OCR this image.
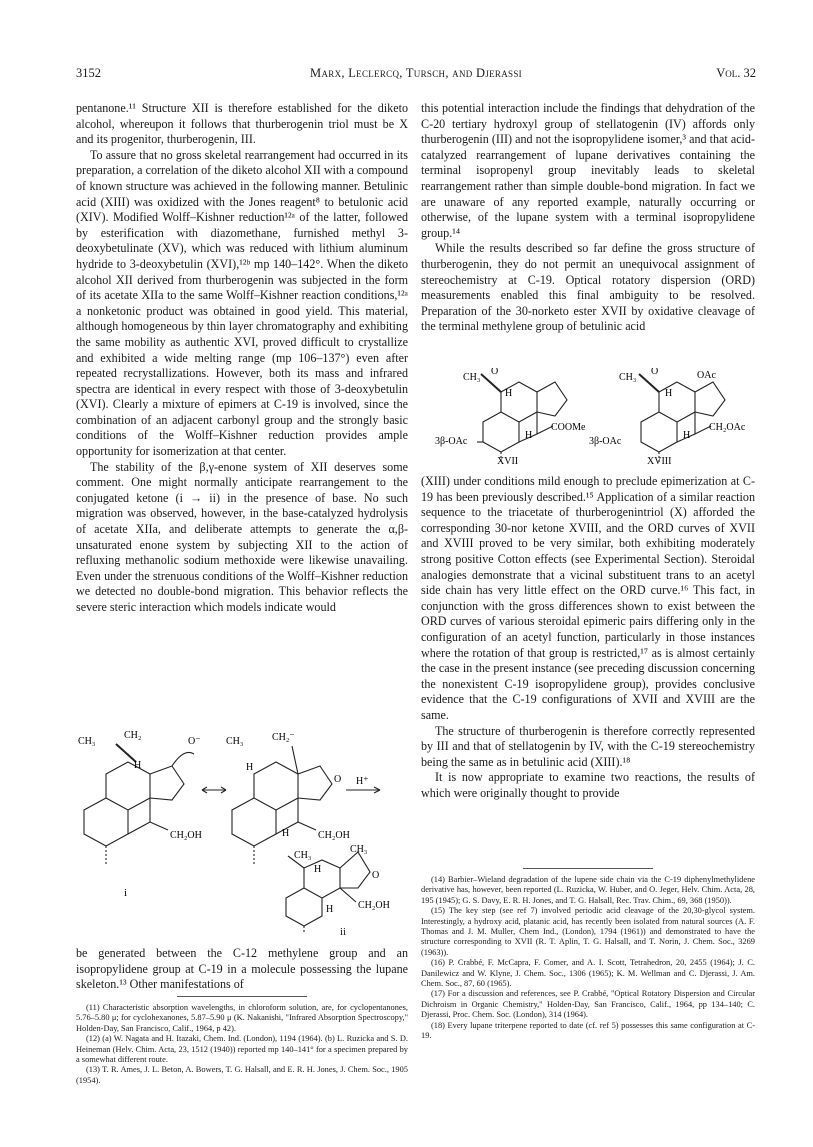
3152	Marx, Leclercq, Tursch, and Djerassi	Vol. 32

pentanone.¹¹ Structure XII is therefore established for the diketo alcohol, whereupon it follows that thurberogenin triol must be X and its progenitor, thurberogenin, III.

To assure that no gross skeletal rearrangement had occurred in its preparation, a correlation of the diketo alcohol XII with a compound of known structure was achieved in the following manner. Betulinic acid (XIII) was oxidized with the Jones reagent⁸ to betulonic acid (XIV). Modified Wolff–Kishner reduction¹²ᵃ of the latter, followed by esterification with diazomethane, furnished methyl 3-deoxybetulinate (XV), which was reduced with lithium aluminum hydride to 3-deoxybetulin (XVI),¹²ᵇ mp 140–142°. When the diketo alcohol XII derived from thurberogenin was subjected in the form of its acetate XIIa to the same Wolff–Kishner reaction conditions,¹²ᵃ a nonketonic product was obtained in good yield. This material, although homogeneous by thin layer chromatography and exhibiting the same mobility as authentic XVI, proved difficult to crystallize and exhibited a wide melting range (mp 106–137°) even after repeated recrystallizations. However, both its mass and infrared spectra are identical in every respect with those of 3-deoxybetulin (XVI). Clearly a mixture of epimers at C-19 is involved, since the combination of an adjacent carbonyl group and the strongly basic conditions of the Wolff–Kishner reduction provides ample opportunity for isomerization at that center.

The stability of the β,γ-enone system of XII deserves some comment. One might normally anticipate rearrangement to the conjugated ketone (i → ii) in the presence of base. No such migration was observed, however, in the base-catalyzed hydrolysis of acetate XIIa, and deliberate attempts to generate the α,β-unsaturated enone system by subjecting XII to the action of refluxing methanolic sodium methoxide were likewise unavailing. Even under the strenuous conditions of the Wolff–Kishner reduction we detected no double-bond migration. This behavior reflects the severe steric interaction which models indicate would

CH₃
CH₂
O⁻
H
CH₂OH
i
CH₂⁻
CH₃
O
H
H	CH₂OH
H⁺
CH₃
CH₃
O
H
H CH₂OH
ii

be generated between the C-12 methylene group and an isopropylidene group at C-19 in a molecule possessing the lupane skeleton.¹³ Other manifestations of

(11) Characteristic absorption wavelengths, in chloroform solution, are, for cyclopentanones, 5.76–5.80 μ; for cyclohexanones, 5.87–5.90 μ (K. Nakanishi, "Infrared Absorption Spectroscopy," Holden-Day, San Francisco, Calif., 1964, p 42).

(12) (a) W. Nagata and H. Itazaki, Chem. Ind. (London), 1194 (1964). (b) L. Ruzicka and S. D. Heineman (Helv. Chim. Acta, 23, 1512 (1940)) reported mp 140–141° for a specimen prepared by a somewhat different route.

(13) T. R. Ames, J. L. Beton, A. Bowers, T. G. Halsall, and E. R. H. Jones, J. Chem. Soc., 1905 (1954).

this potential interaction include the findings that dehydration of the C-20 tertiary hydroxyl group of stellatogenin (IV) affords only thurberogenin (III) and not the isopropylidene isomer,³ and that acid-catalyzed rearrangement of lupane derivatives containing the terminal isopropenyl group inevitably leads to skeletal rearrangement rather than simple double-bond migration. In fact we are unaware of any reported example, naturally occurring or otherwise, of the lupane system with a terminal isopropylidene group.¹⁴

While the results described so far define the gross structure of thurberogenin, they do not permit an unequivocal assignment of stereochemistry at C-19. Optical rotatory dispersion (ORD) measurements enabled this final ambiguity to be resolved. Preparation of the 30-norketo ester XVII by oxidative cleavage of the terminal methylene group of betulinic acid

CH₃
O
H
H
3β-OAc
COOMe
XVII
CH₃
O	OAc
H
H
3β-OAc
CH₂OAc
XVIII

(XIII) under conditions mild enough to preclude epimerization at C-19 has been previously described.¹⁵ Application of a similar reaction sequence to the triacetate of thurberogenintriol (X) afforded the corresponding 30-nor ketone XVIII, and the ORD curves of XVII and XVIII proved to be very similar, both exhibiting moderately strong positive Cotton effects (see Experimental Section). Steroidal analogies demonstrate that a vicinal substituent trans to an acetyl side chain has very little effect on the ORD curve.¹⁶ This fact, in conjunction with the gross differences shown to exist between the ORD curves of various steroidal epimeric pairs differing only in the configuration of an acetyl function, particularly in those instances where the rotation of that group is restricted,¹⁷ as is almost certainly the case in the present instance (see preceding discussion concerning the nonexistent C-19 isopropylidene group), provides conclusive evidence that the C-19 configurations of XVII and XVIII are the same.

The structure of thurberogenin is therefore correctly represented by III and that of stellatogenin by IV, with the C-19 stereochemistry being the same as in betulinic acid (XIII).¹⁸

It is now appropriate to examine two reactions, the results of which were originally thought to provide

(14) Barbier–Wieland degradation of the lupene side chain via the C-19 diphenylmethylidene derivative has, however, been reported (L. Ruzicka, W. Huber, and O. Jeger, Helv. Chim. Acta, 28, 195 (1945); G. S. Davy, E. R. H. Jones, and T. G. Halsall, Rec. Trav. Chim., 69, 368 (1950)).

(15) The key step (see ref 7) involved periodic acid cleavage of the 20,30-glycol system. Interestingly, a hydroxy acid, platanic acid, has recently been isolated from natural sources (A. F. Thomas and J. M. Muller, Chem Ind., (London), 1794 (1961)) and demonstrated to have the structure corresponding to XVII (R. T. Aplin, T. G. Halsall, and T. Norin, J. Chem. Soc., 3269 (1963)).

(16) P. Crabbé, F. McCapra, F. Comer, and A. I. Scott, Tetrahedron, 20, 2455 (1964); J. C. Danilewicz and W. Klyne, J. Chem. Soc., 1306 (1965); K. M. Wellman and C. Djerassi, J. Am. Chem. Soc., 87, 60 (1965).

(17) For a discussion and references, see P. Crabbé, "Optical Rotatory Dispersion and Circular Dichroism in Organic Chemistry," Holden-Day, San Francisco, Calif., 1964, pp 134–140; C. Djerassi, Proc. Chem. Soc. (London), 314 (1964).

(18) Every lupane triterpene reported to date (cf. ref 5) possesses this same configuration at C-19.
